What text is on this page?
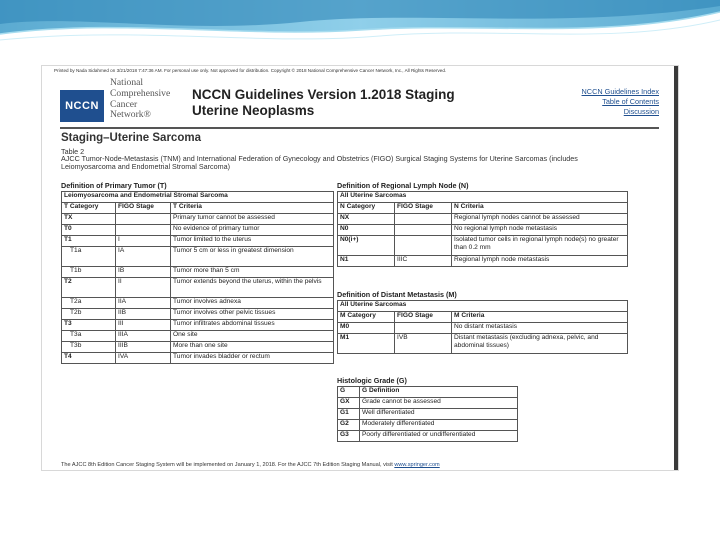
Printed by Nada Sidahmed on 3/21/2018 7:47:36 AM. For personal use only. Not approved for distribution. Copyright © 2018 National Comprehensive Cancer Network, Inc., All Rights Reserved.
NCCN
National
Comprehensive
Cancer
Network®
NCCN Guidelines Version 1.2018 Staging
Uterine Neoplasms
NCCN Guidelines Index
Table of Contents
Discussion
Staging–Uterine Sarcoma
Table 2
AJCC Tumor-Node-Metastasis (TNM) and International Federation of Gynecology and Obstetrics (FIGO) Surgical Staging Systems for Uterine Sarcomas (includes Leiomyosarcoma and Endometrial Stromal Sarcoma)
Definition of Primary Tumor (T)
Leiomyosarcoma and Endometrial Stromal Sarcoma		
T Category	FIGO Stage	T Criteria
TX		Primary tumor cannot be assessed
T0		No evidence of primary tumor
T1	I	Tumor limited to the uterus
T1a	IA	Tumor 5 cm or less in greatest dimension
T1b	IB	Tumor more than 5 cm
T2	II	Tumor extends beyond the uterus, within the pelvis
T2a	IIA	Tumor involves adnexa
T2b	IIB	Tumor involves other pelvic tissues
T3	III	Tumor infiltrates abdominal tissues
T3a	IIIA	One site
T3b	IIIB	More than one site
T4	IVA	Tumor invades bladder or rectum
Definition of Regional Lymph Node (N)
All Uterine Sarcomas		
N Category	FIGO Stage	N Criteria
NX		Regional lymph nodes cannot be assessed
N0		No regional lymph node metastasis
N0(i+)		Isolated tumor cells in regional lymph node(s) no greater than 0.2 mm
N1	IIIC	Regional lymph node metastasis
Definition of Distant Metastasis (M)
All Uterine Sarcomas		
M Category	FIGO Stage	M Criteria
M0		No distant metastasis
M1	IVB	Distant metastasis (excluding adnexa, pelvic, and abdominal tissues)
Histologic Grade (G)
G	G Definition
GX	Grade cannot be assessed
G1	Well differentiated
G2	Moderately differentiated
G3	Poorly differentiated or undifferentiated
The AJCC 8th Edition Cancer Staging System will be implemented on January 1, 2018. For the AJCC 7th Edition Staging Manual, visit www.springer.com
